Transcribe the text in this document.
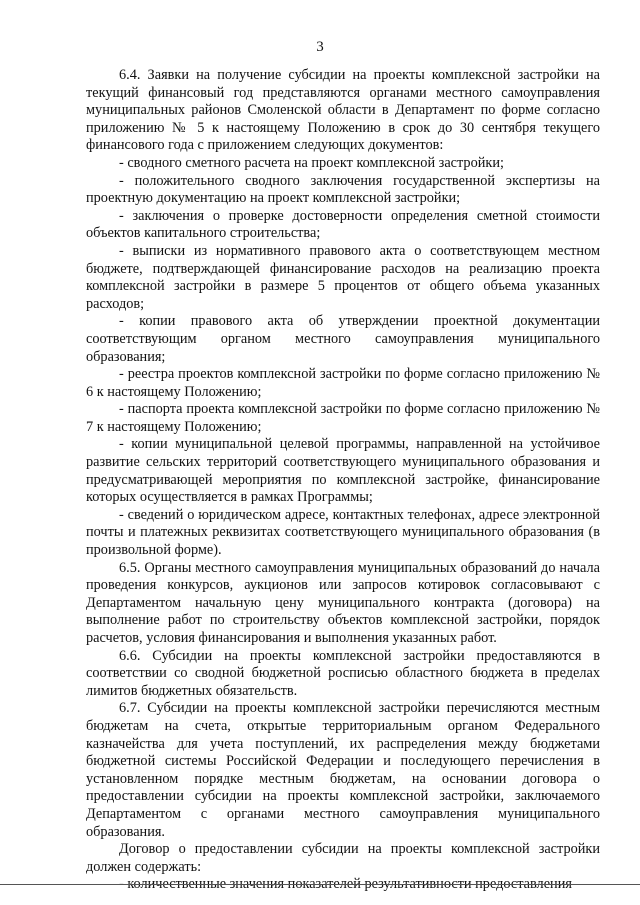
3

6.4. Заявки на получение субсидии на проекты комплексной застройки на текущий финансовый год представляются органами местного самоуправления муниципальных районов Смоленской области в Департамент по форме согласно приложению № 5 к настоящему Положению в срок до 30 сентября текущего финансового года с приложением следующих документов:

- сводного сметного расчета на проект комплексной застройки;

- положительного сводного заключения государственной экспертизы на проектную документацию на проект комплексной застройки;

- заключения о проверке достоверности определения сметной стоимости объектов капитального строительства;

- выписки из нормативного правового акта о соответствующем местном бюджете, подтверждающей финансирование расходов на реализацию проекта комплексной застройки в размере 5 процентов от общего объема указанных расходов;

- копии правового акта об утверждении проектной документации соответствующим органом местного самоуправления муниципального образования;

- реестра проектов комплексной застройки по форме согласно приложению № 6 к настоящему Положению;

- паспорта проекта комплексной застройки по форме согласно приложению № 7 к настоящему Положению;

- копии муниципальной целевой программы, направленной на устойчивое развитие сельских территорий соответствующего муниципального образования и предусматривающей мероприятия по комплексной застройке, финансирование которых осуществляется в рамках Программы;

- сведений о юридическом адресе, контактных телефонах, адресе электронной почты и платежных реквизитах соответствующего муниципального образования (в произвольной форме).

6.5. Органы местного самоуправления муниципальных образований до начала проведения конкурсов, аукционов или запросов котировок согласовывают с Департаментом начальную цену муниципального контракта (договора) на выполнение работ по строительству объектов комплексной застройки, порядок расчетов, условия финансирования и выполнения указанных работ.

6.6. Субсидии на проекты комплексной застройки предоставляются в соответствии со сводной бюджетной росписью областного бюджета в пределах лимитов бюджетных обязательств.

6.7. Субсидии на проекты комплексной застройки перечисляются местным бюджетам на счета, открытые территориальным органом Федерального казначейства для учета поступлений, их распределения между бюджетами бюджетной системы Российской Федерации и последующего перечисления в установленном порядке местным бюджетам, на основании договора о предоставлении субсидии на проекты комплексной застройки, заключаемого Департаментом с органами местного самоуправления муниципального образования.

Договор о предоставлении субсидии на проекты комплексной застройки должен содержать:

- количественные значения показателей результативности предоставления
